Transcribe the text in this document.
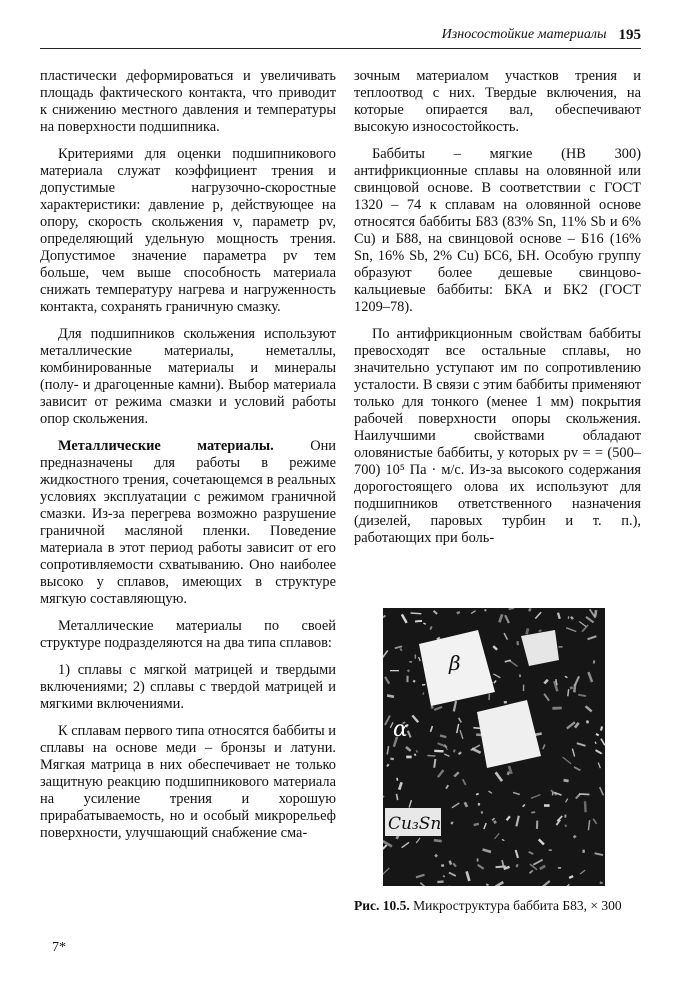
Износостойкие материалы 195

пластически деформироваться и увеличивать площадь фактического контакта, что приводит к снижению местного давления и температуры на поверхности подшипника.

Критериями для оценки подшипникового материала служат коэффициент трения и допустимые нагрузочно-скоростные характеристики: давление p, действующее на опору, скорость скольжения v, параметр pv, определяющий удельную мощность трения. Допустимое значение параметра pv тем больше, чем выше способность материала снижать температуру нагрева и нагруженность контакта, сохранять граничную смазку.

Для подшипников скольжения используют металлические материалы, неметаллы, комбинированные материалы и минералы (полу- и драгоценные камни). Выбор материала зависит от режима смазки и условий работы опор скольжения.

Металлические материалы. Они предназначены для работы в режиме жидкостного трения, сочетающемся в реальных условиях эксплуатации с режимом граничной смазки. Из-за перегрева возможно разрушение граничной масляной пленки. Поведение материала в этот период работы зависит от его сопротивляемости схватыванию. Оно наиболее высоко у сплавов, имеющих в структуре мягкую составляющую.

Металлические материалы по своей структуре подразделяются на два типа сплавов:

1) сплавы с мягкой матрицей и твердыми включениями; 2) сплавы с твердой матрицей и мягкими включениями.

К сплавам первого типа относятся баббиты и сплавы на основе меди – бронзы и латуни. Мягкая матрица в них обеспечивает не только защитную реакцию подшипникового материала на усиление трения и хорошую прирабатываемость, но и особый микрорельеф поверхности, улучшающий снабжение сма-

зочным материалом участков трения и теплоотвод с них. Твердые включения, на которые опирается вал, обеспечивают высокую износостойкость.

Баббиты – мягкие (HB 300) антифрикционные сплавы на оловянной или свинцовой основе. В соответствии с ГОСТ 1320 – 74 к сплавам на оловянной основе относятся баббиты Б83 (83% Sn, 11% Sb и 6% Cu) и Б88, на свинцовой основе – Б16 (16% Sn, 16% Sb, 2% Cu) БС6, БН. Особую группу образуют более дешевые свинцово-кальциевые баббиты: БКА и БК2 (ГОСТ 1209–78).

По антифрикционным свойствам баббиты превосходят все остальные сплавы, но значительно уступают им по сопротивлению усталости. В связи с этим баббиты применяют только для тонкого (менее 1 мм) покрытия рабочей поверхности опоры скольжения. Наилучшими свойствами обладают оловянистые баббиты, у которых pv = = (500–700) 10⁵ Па · м/с. Из-за высокого содержания дорогостоящего олова их используют для подшипников ответственного назначения (дизелей, паровых турбин и т. п.), работающих при боль-

β
α
Cu₃Sn
Рис. 10.5. Микроструктура баббита Б83, × 300
7*
